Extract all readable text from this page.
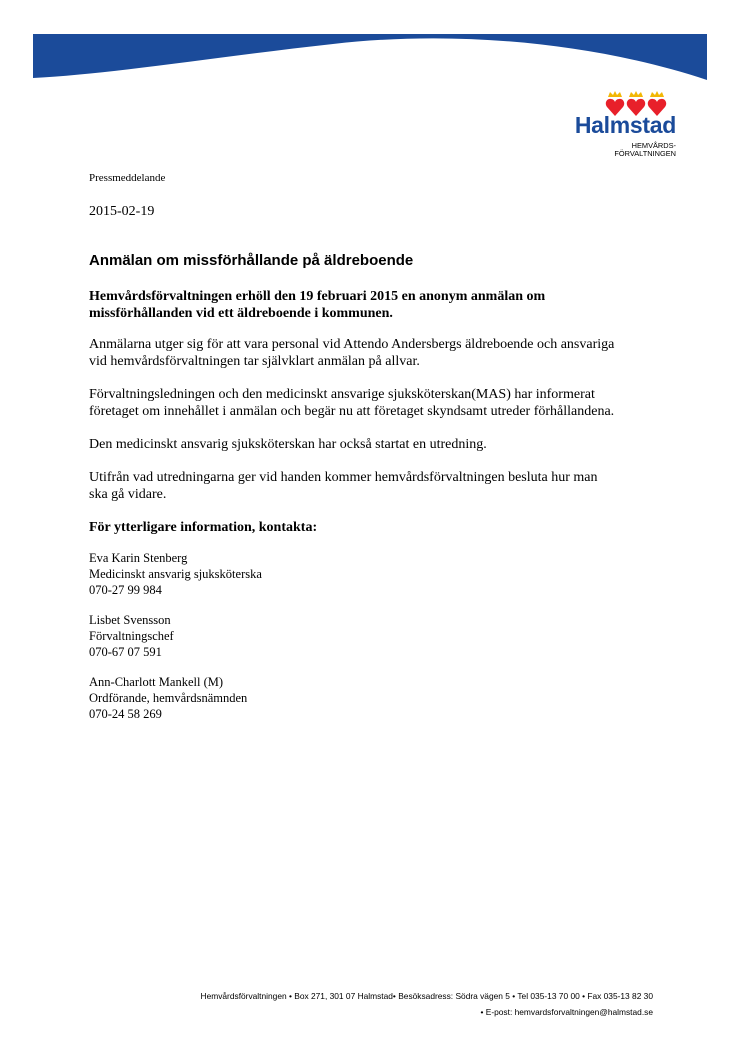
Halmstad
HEMVÅRDS-
FÖRVALTNINGEN
Pressmeddelande
2015-02-19
Anmälan om missförhållande på äldreboende

Hemvårdsförvaltningen erhöll den 19 februari 2015 en anonym anmälan om
missförhållanden vid ett äldreboende i kommunen.

Anmälarna utger sig för att vara personal vid Attendo Andersbergs äldreboende och ansvariga
vid hemvårdsförvaltningen tar självklart anmälan på allvar.

Förvaltningsledningen och den medicinskt ansvarige sjuksköterskan(MAS) har informerat
företaget om innehållet i anmälan och begär nu att företaget skyndsamt utreder förhållandena.

Den medicinskt ansvarig sjuksköterskan har också startat en utredning.

Utifrån vad utredningarna ger vid handen kommer hemvårdsförvaltningen besluta hur man
ska gå vidare.

För ytterligare information, kontakta:

Eva Karin Stenberg
Medicinskt ansvarig sjuksköterska
070-27 99 984
Lisbet Svensson
Förvaltningschef
070-67 07 591
Ann-Charlott Mankell (M)
Ordförande, hemvårdsnämnden
070-24 58 269
Hemvårdsförvaltningen • Box 271, 301 07 Halmstad• Besöksadress: Södra vägen 5 • Tel 035-13 70 00 • Fax 035-13 82 30
• E-post: hemvardsforvaltningen@halmstad.se
